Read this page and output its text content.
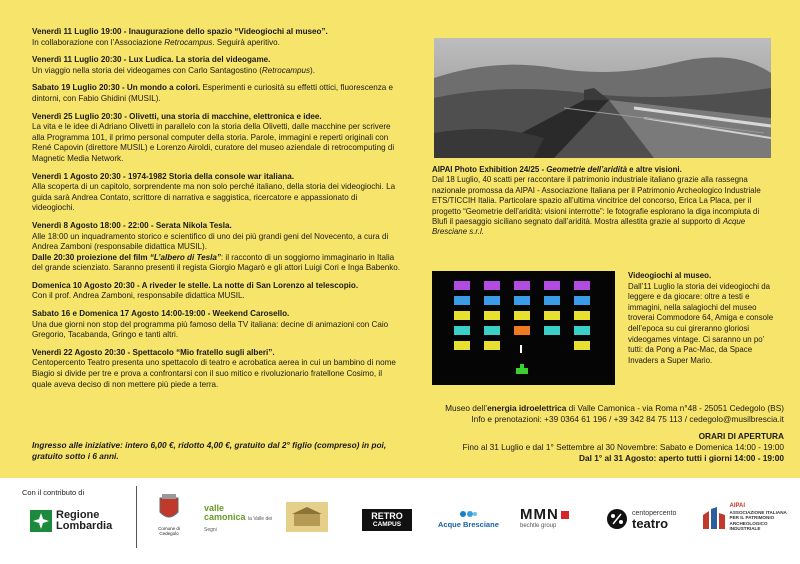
Venerdì 11 Luglio 19:00 - Inaugurazione dello spazio “Videogiochi al museo”.
In collaborazione con l’Associazione Retrocampus. Seguirà aperitivo.
Venerdì 11 Luglio 20:30 - Lux Ludica. La storia del videogame.
Un viaggio nella storia dei videogames con Carlo Santagostino (Retrocampus).
Sabato 19 Luglio 20:30 - Un mondo a colori. Esperimenti e curiosità su effetti ottici, fluorescenza e dintorni, con Fabio Ghidini (MUSIL).
Venerdì 25 Luglio 20:30 - Olivetti, una storia di macchine, elettronica e idee.
La vita e le idee di Adriano Olivetti in parallelo con la storia della Olivetti, dalle macchine per scrivere alla Programma 101, il primo personal computer della storia. Parole, immagini e reperti originali con René Capovin (direttore MUSIL) e Lorenzo Airoldi, curatore del museo aziendale di retrocomputing di Magnetic Media Network.
Venerdì 1 Agosto 20:30 - 1974-1982 Storia della console war italiana.
Alla scoperta di un capitolo, sorprendente ma non solo perché italiano, della storia dei videogiochi. La guida sarà Andrea Contato, scrittore di narrativa e saggistica, ricercatore e appassionato di videogiochi.
Venerdì 8 Agosto 18:00 - 22:00 - Serata Nikola Tesla.
Alle 18:00 un inquadramento storico e scientifico di uno dei più grandi geni del Novecento, a cura di Andrea Zamboni (responsabile didattica MUSIL).
Dalle 20:30 proiezione del film “L’albero di Tesla”: il racconto di un soggiorno immaginario in Italia del grande scienziato. Saranno presenti il regista Giorgio Magarò e gli attori Luigi Cori e Inga Babenko.
Domenica 10 Agosto 20:30 - A riveder le stelle. La notte di San Lorenzo al telescopio.
Con il prof. Andrea Zamboni, responsabile didattica MUSIL.
Sabato 16 e Domenica 17 Agosto 14:00-19:00 - Weekend Carosello.
Una due giorni non stop del programma più famoso della TV italiana: decine di animazioni con Caio Gregorio, Tacabanda, Gringo e tanti altri.
Venerdì 22 Agosto 20:30 - Spettacolo “Mio fratello sugli alberi”.
Centopercento Teatro presenta uno spettacolo di teatro e acrobatica aerea in cui un bambino di nome Biagio si divide per tre e prova a confrontarsi con il suo mitico e rivoluzionario fratellone Cosimo, il quale aveva deciso di non mettere più piede a terra.
Ingresso alle iniziative: intero 6,00 €, ridotto 4,00 €, gratuito dal 2° figlio (compreso) in poi, gratuito sotto i 6 anni.
AIPAI Photo Exhibition 24/25 - Geometrie dell’aridità e altre visioni.
Dal 18 Luglio, 40 scatti per raccontare il patrimonio industriale italiano grazie alla rassegna nazionale promossa da AIPAI - Associazione Italiana per il Patrimonio Archeologico Industriale ETS/TICCIH Italia. Particolare spazio all’ultima vincitrice del concorso, Erica La Placa, per il progetto “Geometrie dell’aridità: visioni interrotte”: le fotografie esplorano la diga incompiuta di Blufi il paesaggio siciliano segnato dall’aridità. Mostra allestita grazie al supporto di Acque Bresciane s.r.l.
Videogiochi al museo.
Dall’11 Luglio la storia dei videogiochi da leggere e da giocare: oltre a testi e immagini, nella salagiochi del museo troverai Commodore 64, Amiga e console dell’epoca su cui gireranno gloriosi videogames vintage. Ci saranno un po’ tutti: da Pong a Pac-Mac, da Space Invaders a Super Mario.
Museo dell’energia idroelettrica di Valle Camonica - via Roma n°48 - 25051 Cedegolo (BS)
Info e prenotazioni: +39 0364 61 196 / +39 342 84 75 113 / cedegolo@musilbrescia.it
ORARI DI APERTURA
Fino al 31 Luglio e dal 1° Settembre al 30 Novembre: Sabato e Domenica 14:00 - 19:00
Dal 1° al 31 Agosto: aperto tutti i giorni 14:00 - 19:00
Con il contributo di
Regione
Lombardia	Comune di Cedegolo
valle
camonica la Valle dei Segni
RETRO
CAMPUS	Acque Bresciane
MMN
bechtle group
centopercento
teatro
AIPAI
ASSOCIAZIONE ITALIANA PER IL PATRIMONIO ARCHEOLOGICO INDUSTRIALE
